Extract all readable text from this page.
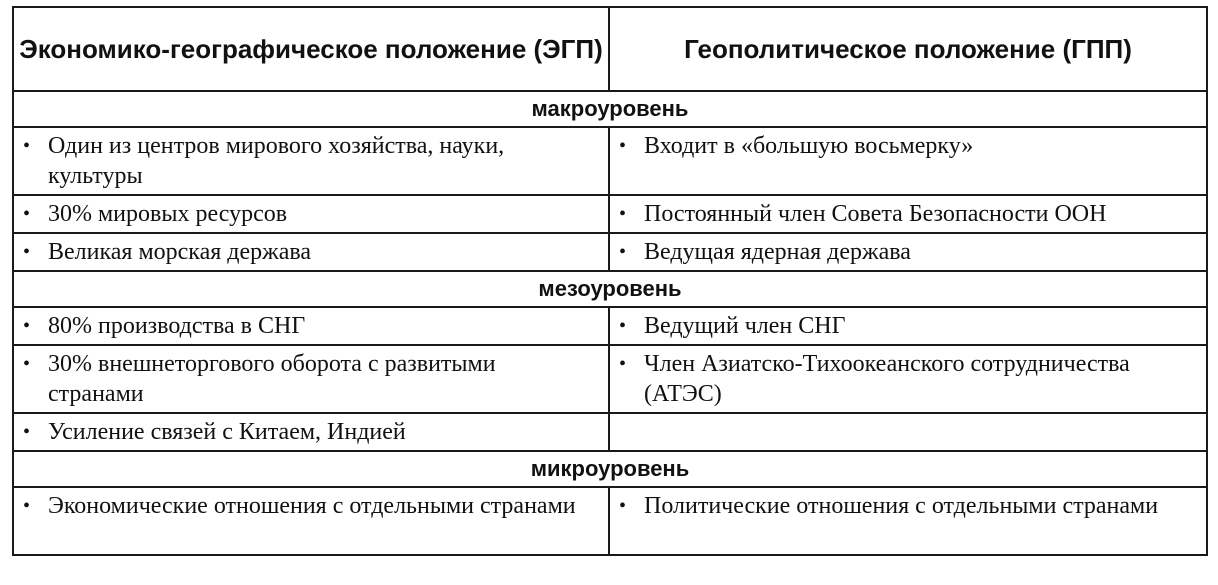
Экономико-географическое положение (ЭГП)	Геополитическое положение (ГПП)
макроуровень	

• Один из центров мирового хозяйства, науки, культуры	• Входит в «большую восьмерку»

• 30% мировых ресурсов	• Постоянный член Совета Безопасности ООН

• Великая морская держава	• Ведущая ядерная держава

мезоуровень	

• 80% производства в СНГ	• Ведущий член СНГ

• 30% внешнеторгового оборота с развитыми странами	• Член Азиатско-Тихоокеанского сотрудничества (АТЭС)

• Усиление связей с Китаем, Индией	

микроуровень	

• Экономические отношения с отдельными странами	• Политические отношения с отдельными странами
